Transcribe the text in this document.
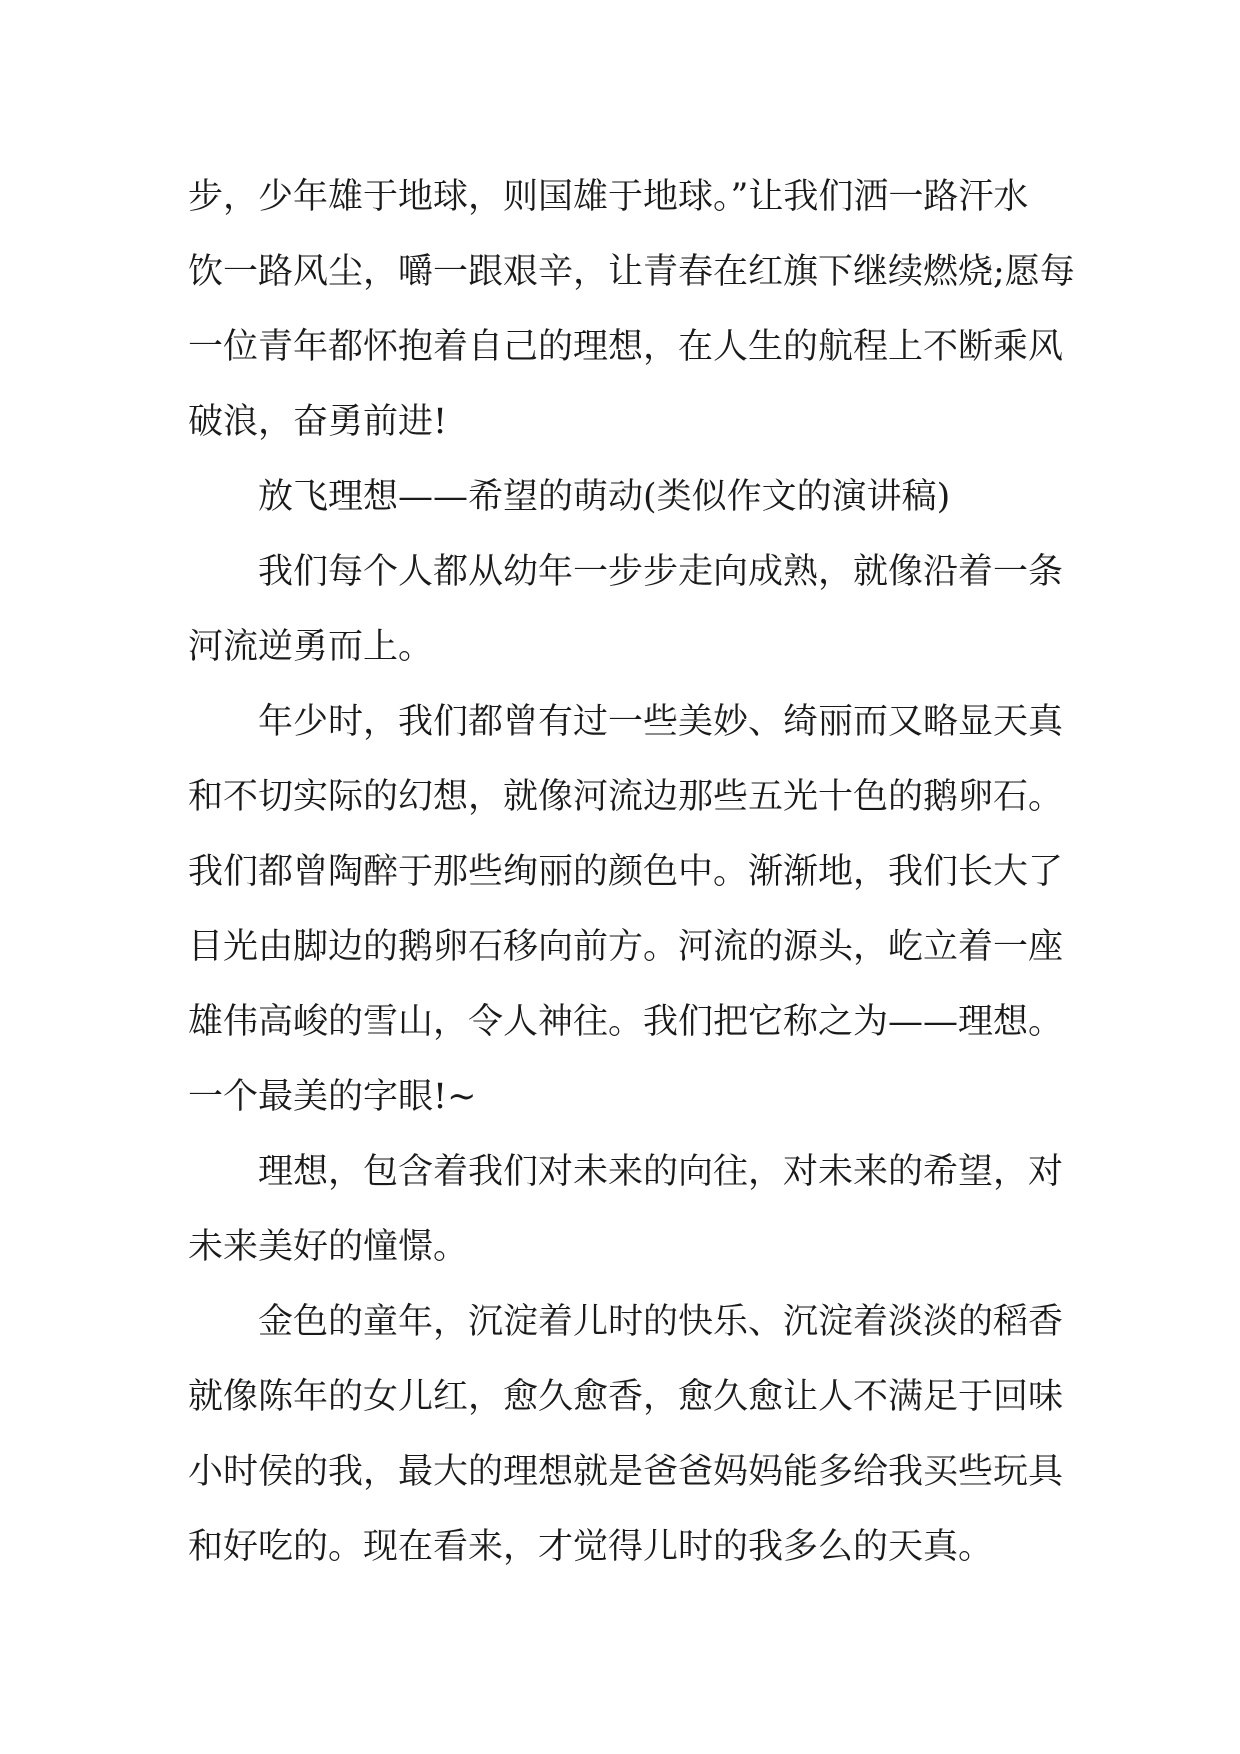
步，少年雄于地球，则国雄于地球。”让我们洒一路汗水
饮一路风尘，嚼一跟艰辛，让青春在红旗下继续燃烧;愿每
一位青年都怀抱着自己的理想，在人生的航程上不断乘风
破浪，奋勇前进!
放飞理想——希望的萌动(类似作文的演讲稿)
我们每个人都从幼年一步步走向成熟，就像沿着一条
河流逆勇而上。
年少时，我们都曾有过一些美妙、绮丽而又略显天真
和不切实际的幻想，就像河流边那些五光十色的鹅卵石。
我们都曾陶醉于那些绚丽的颜色中。渐渐地，我们长大了
目光由脚边的鹅卵石移向前方。河流的源头，屹立着一座
雄伟高峻的雪山，令人神往。我们把它称之为——理想。
一个最美的字眼!~
理想，包含着我们对未来的向往，对未来的希望，对
未来美好的憧憬。
金色的童年，沉淀着儿时的快乐、沉淀着淡淡的稻香
就像陈年的女儿红，愈久愈香，愈久愈让人不满足于回味
小时侯的我，最大的理想就是爸爸妈妈能多给我买些玩具
和好吃的。现在看来，才觉得儿时的我多么的天真。
